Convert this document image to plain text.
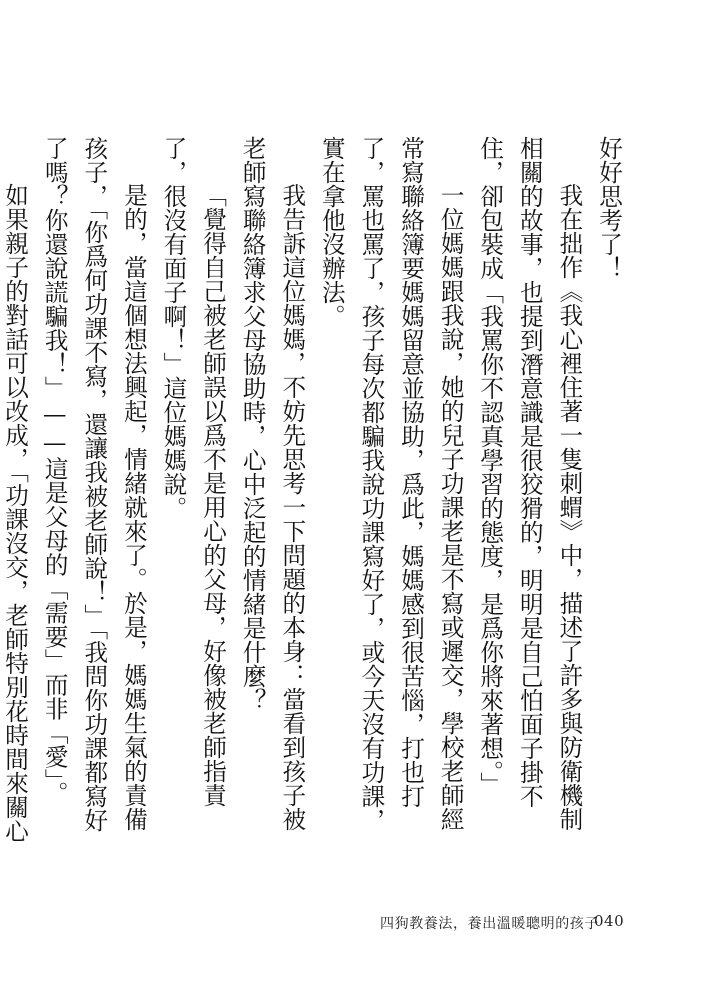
好好思考了！

我在拙作《我心裡住著一隻刺蝟》中，描述了許多與防衛機制相關的故事，也提到潛意識是很狡猾的，明明是自己怕面子掛不住，卻包裝成「我罵你不認真學習的態度，是爲你將來著想。」

一位媽媽跟我說，她的兒子功課老是不寫或遲交，學校老師經常寫聯絡簿要媽媽留意並協助，爲此，媽媽感到很苦惱，打也打了，罵也罵了，孩子每次都騙我說功課寫好了，或今天沒有功課，實在拿他沒辦法。

我告訴這位媽媽，不妨先思考一下問題的本身：當看到孩子被老師寫聯絡簿求父母協助時，心中泛起的情緒是什麼？

「覺得自己被老師誤以爲不是用心的父母，好像被老師指責了，很沒有面子啊！」這位媽媽說。

是的，當這個想法興起，情緒就來了。於是，媽媽生氣的責備孩子，「你爲何功課不寫，還讓我被老師說！」「我問你功課都寫好了嗎？你還說謊騙我！」——這是父母的「需要」而非「愛」。

如果親子的對話可以改成，「功課沒交，老師特別花時間來關心

四狗教養法，養出溫暖聰明的孩子
040
